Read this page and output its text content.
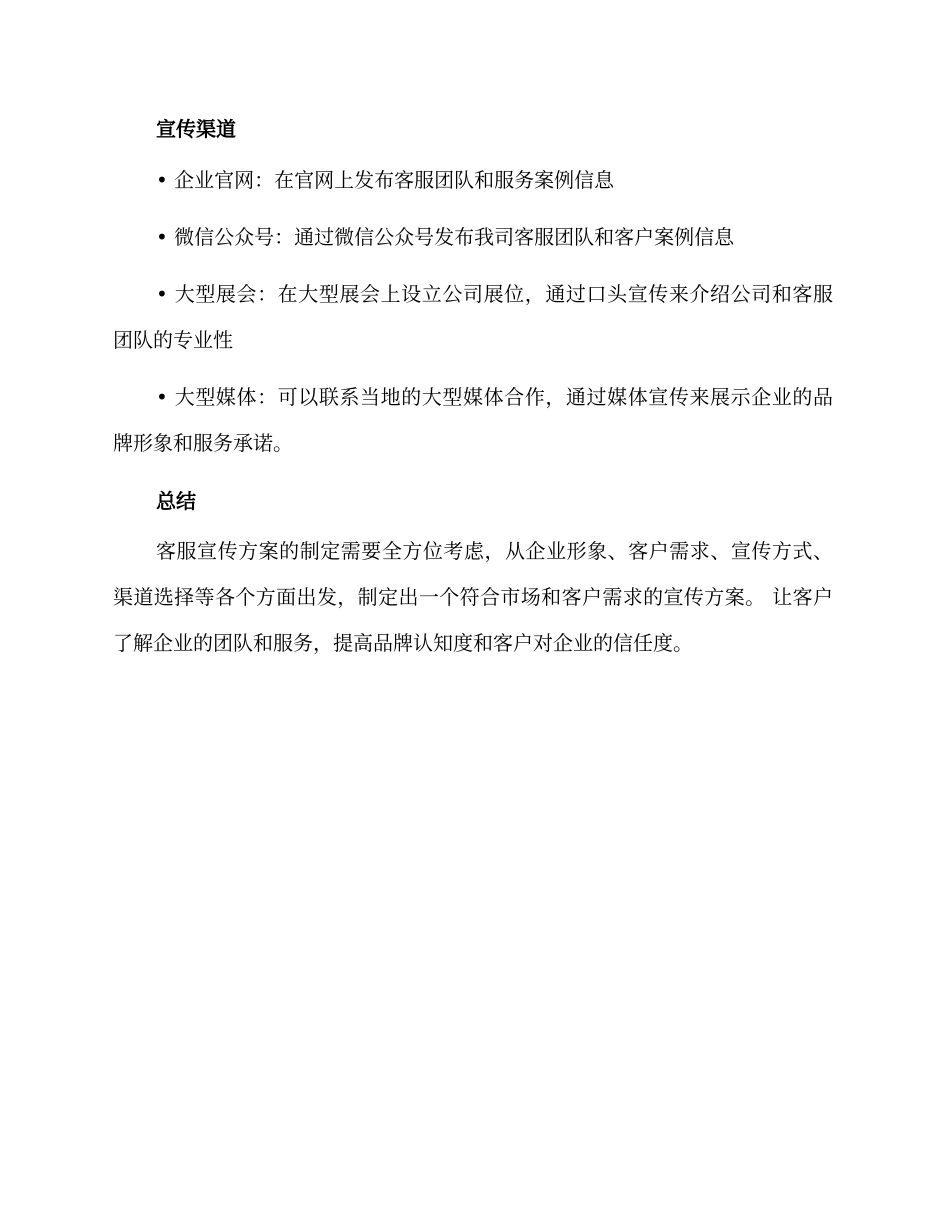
宣传渠道

• 企业官网：在官网上发布客服团队和服务案例信息

• 微信公众号：通过微信公众号发布我司客服团队和客户案例信息

• 大型展会：在大型展会上设立公司展位，通过口头宣传来介绍公司和客服团队的专业性

• 大型媒体：可以联系当地的大型媒体合作，通过媒体宣传来展示企业的品牌形象和服务承诺。

总结

客服宣传方案的制定需要全方位考虑，从企业形象、客户需求、宣传方式、渠道选择等各个方面出发，制定出一个符合市场和客户需求的宣传方案。 让客户了解企业的团队和服务，提高品牌认知度和客户对企业的信任度。
